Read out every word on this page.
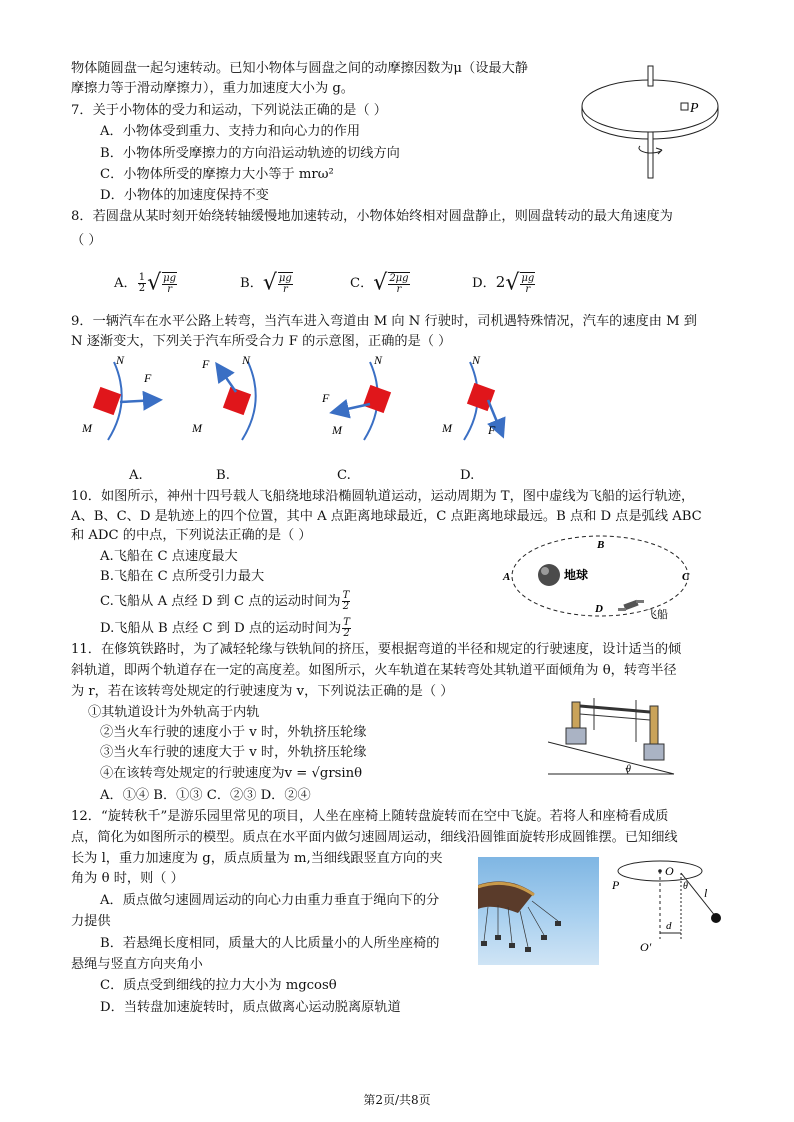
物体随圆盘一起匀速转动。已知小物体与圆盘之间的动摩擦因数为μ（设最大静
摩擦力等于滑动摩擦力），重力加速度大小为 g。
7．关于小物体的受力和运动，下列说法正确的是（ ）
A．小物体受到重力、支持力和向心力的作用
B．小物体所受摩擦力的方向沿运动轨迹的切线方向
C．小物体所受的摩擦力大小等于 mrω²
D．小物体的加速度保持不变
P
8．若圆盘从某时刻开始绕转轴缓慢地加速转动，小物体始终相对圆盘静止，则圆盘转动的最大角速度为
（ ）
A． $\frac{1}{2}$ √ $\frac{\mu g}{r}$	B．√ $\frac{\mu g}{r}$	C．√ $\frac{2\mu g}{r}$	D．$2√ \frac{\mu g}{r}$
9．一辆汽车在水平公路上转弯，当汽车进入弯道由 M 向 N 行驶时，司机遇特殊情况，汽车的速度由 M 到
N 逐渐变大，下列关于汽车所受合力 F 的示意图，正确的是（ ）
N
F
M
F	N
M
F
N
M
N
M	F
A.	B.	C.	D.
10．如图所示，神州十四号载人飞船绕地球沿椭圆轨道运动，运动周期为 T，图中虚线为飞船的运行轨迹，
A、B、C、D 是轨迹上的四个位置，其中 A 点距离地球最近，C 点距离地球最远。B 点和 D 点是弧线 ABC
和 ADC 的中点，下列说法正确的是（ ）
A.飞船在 C 点速度最大
B.飞船在 C 点所受引力最大
C.飞船从 A 点经 D 到 C 点的运动时间为 $\frac{T}{2}$
D.飞船从 B 点经 C 到 D 点的运动时间为 $\frac{T}{2}$
地球
A
B
C
D	飞船
11．在修筑铁路时，为了减轻轮缘与铁轨间的挤压，要根据弯道的半径和规定的行驶速度，设计适当的倾
斜轨道，即两个轨道存在一定的高度差。如图所示，火车轨道在某转弯处其轨道平面倾角为 θ，转弯半径
为 r，若在该转弯处规定的行驶速度为 v，下列说法正确的是（ ）
①其轨道设计为外轨高于内轨
②当火车行驶的速度小于 v 时，外轨挤压轮缘
③当火车行驶的速度大于 v 时，外轨挤压轮缘
④在该转弯处规定的行驶速度为v = √grsinθ
A．①④ B．①③ C．②③ D．②④
θ
12．“旋转秋千”是游乐园里常见的项目，人坐在座椅上随转盘旋转而在空中飞旋。若将人和座椅看成质
点，简化为如图所示的模型。质点在水平面内做匀速圆周运动，细线沿圆锥面旋转形成圆锥摆。已知细线
长为 l，重力加速度为 g，质点质量为 m,当细线跟竖直方向的夹
角为 θ 时，则（ ）
A．质点做匀速圆周运动的向心力由重力垂直于绳向下的分
力提供
B．若悬绳长度相同，质量大的人比质量小的人所坐座椅的
悬绳与竖直方向夹角小
C．质点受到细线的拉力大小为 mgcosθ
D．当转盘加速旋转时，质点做离心运动脱离原轨道
P
O
θ l
d
O′
第2页/共8页
